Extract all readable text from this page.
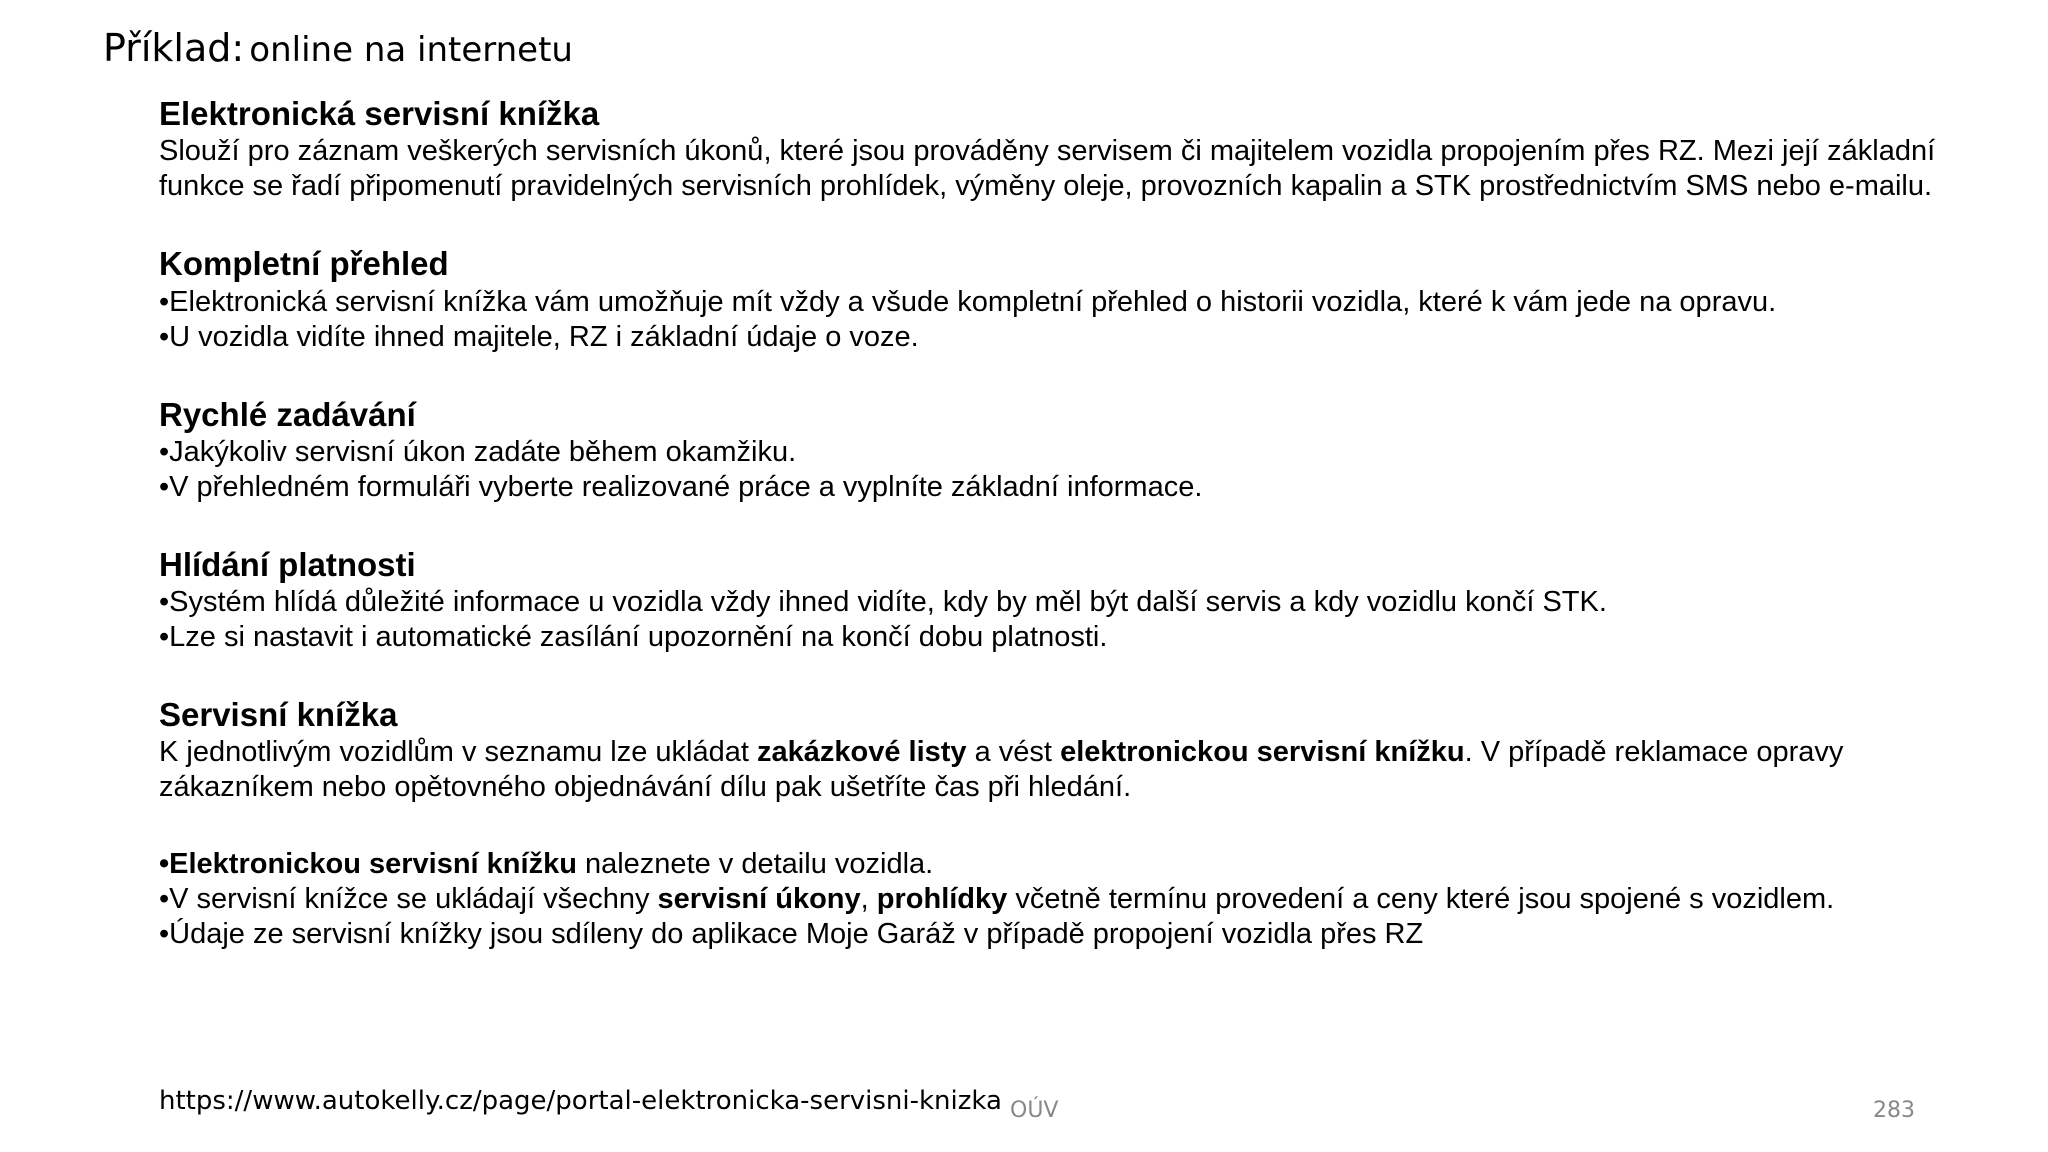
Příklad: online na internetu
Elektronická servisní knížka

Slouží pro záznam veškerých servisních úkonů, které jsou prováděny servisem či majitelem vozidla propojením přes RZ. Mezi její základní funkce se řadí připomenutí pravidelných servisních prohlídek, výměny oleje, provozních kapalin a STK prostřednictvím SMS nebo e-mailu.

Kompletní přehled

•Elektronická servisní knížka vám umožňuje mít vždy a všude kompletní přehled o historii vozidla, které k vám jede na opravu.

•U vozidla vidíte ihned majitele, RZ i základní údaje o voze.

Rychlé zadávání

•Jakýkoliv servisní úkon zadáte během okamžiku.

•V přehledném formuláři vyberte realizované práce a vyplníte základní informace.

Hlídání platnosti

•Systém hlídá důležité informace u vozidla vždy ihned vidíte, kdy by měl být další servis a kdy vozidlu končí STK.

•Lze si nastavit i automatické zasílání upozornění na končí dobu platnosti.

Servisní knížka

K jednotlivým vozidlům v seznamu lze ukládat zakázkové listy a vést elektronickou servisní knížku. V případě reklamace opravy zákazníkem nebo opětovného objednávání dílu pak ušetříte čas při hledání.

•Elektronickou servisní knížku naleznete v detailu vozidla.

•V servisní knížce se ukládají všechny servisní úkony, prohlídky včetně termínu provedení a ceny které jsou spojené s vozidlem.

•Údaje ze servisní knížky jsou sdíleny do aplikace Moje Garáž v případě propojení vozidla přes RZ

https://www.autokelly.cz/page/portal-elektronicka-servisni-knizka OÚV	283
